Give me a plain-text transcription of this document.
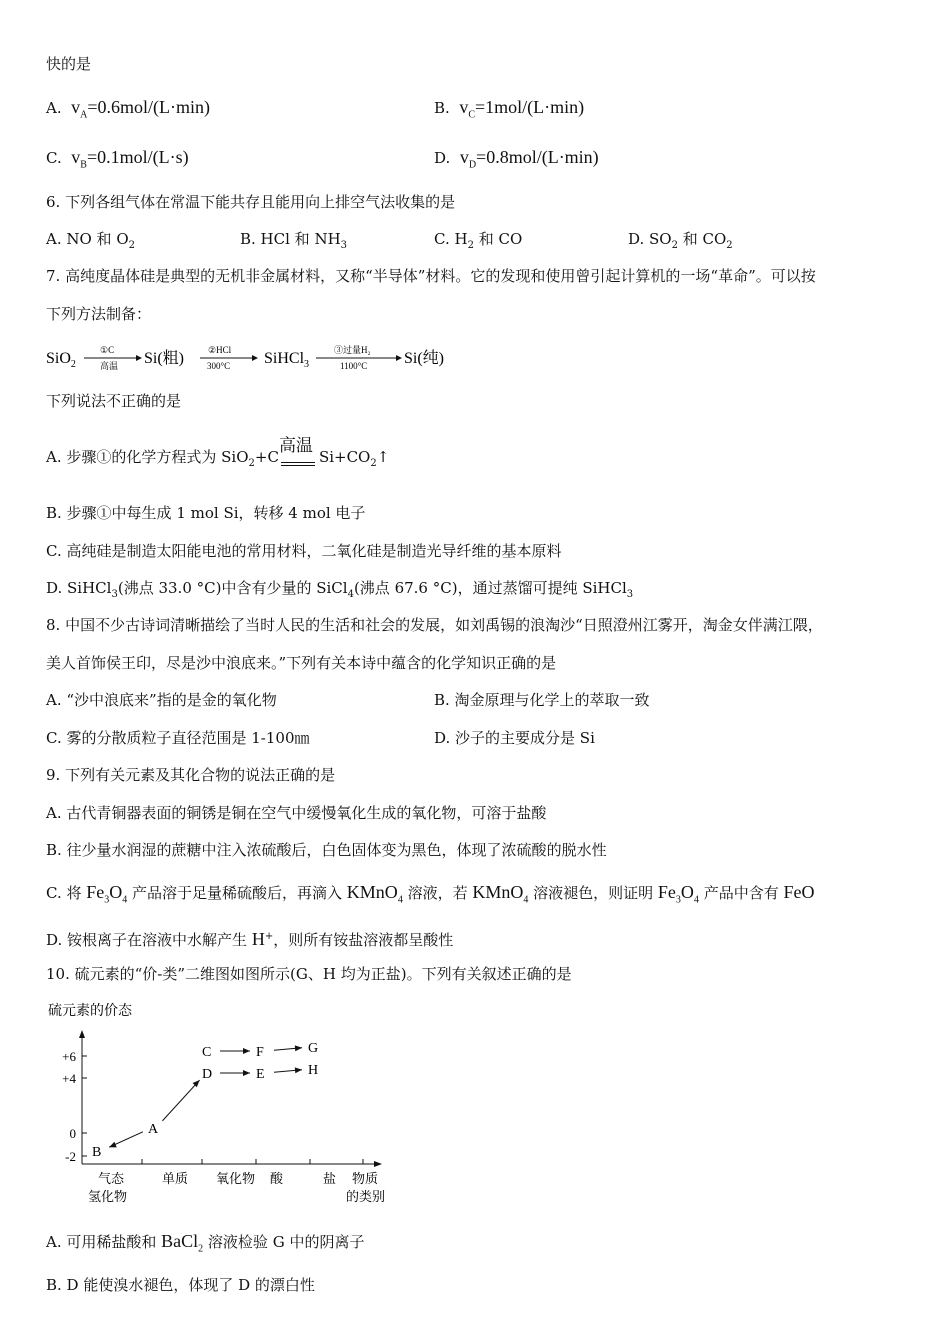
快的是
A. $v_A=0.6mol/(L\cdot\min)$	B. $v_C=1mol/(L\cdot\min)$
C. $v_B=0.1mol/(L\cdot s)$	D. $v_D=0.8mol/(L\cdot\min)$
6. 下列各组气体在常温下能共存且能用向上排空气法收集的是
A. NO 和 $O_2$	B. HCl 和 $NH_3$	C. $H_2$ 和 CO	D. $SO_2$ 和 $CO_2$
7. 高纯度晶体硅是典型的无机非金属材料，又称“半导体”材料。它的发现和使用曾引起计算机的一场“革命”。可以按
下列方法制备：
SiO$_2$
①C
高温 Si(粗)	②HCl
300°C SiHCl$_3$
③过量H₂
1100°C Si(纯)
下列说法不正确的是
A. 步骤①的化学方程式为 SiO$_2$+C
高温
$Si+CO_2↑$
B. 步骤①中每生成 1 mol Si，转移 4 mol 电子
C. 高纯硅是制造太阳能电池的常用材料，二氧化硅是制造光导纤维的基本原料
D. SiHCl$_3$(沸点 33.0 °C)中含有少量的 SiCl$_4$(沸点 67.6 °C)，通过蒸馏可提纯 SiHCl$_3$
8. 中国不少古诗词清晰描绘了当时人民的生活和社会的发展，如刘禹锡的浪淘沙“日照澄州江雾开，淘金女伴满江隈，
美人首饰侯王印，尽是沙中浪底来。”下列有关本诗中蕴含的化学知识正确的是
A. “沙中浪底来”指的是金的氧化物	B. 淘金原理与化学上的萃取一致
C. 雾的分散质粒子直径范围是 1-100㎚	D. 沙子的主要成分是 Si
9. 下列有关元素及其化合物的说法正确的是
A. 古代青铜器表面的铜锈是铜在空气中缓慢氧化生成的氧化物，可溶于盐酸
B. 往少量水润湿的蔗糖中注入浓硫酸后，白色固体变为黑色，体现了浓硫酸的脱水性
C. 将 $Fe_3O_4$ 产品溶于足量稀硫酸后，再滴入 KMnO$_4$ 溶液，若 KMnO$_4$ 溶液褪色，则证明 $Fe_3O_4$ 产品中含有 FeO
D. 铵根离子在溶液中水解产生 H+，则所有铵盐溶液都呈酸性
10. 硫元素的“价-类”二维图如图所示(G、H 均为正盐)。下列有关叙述正确的是
硫元素的价态
+6
+4
0
-2
气态
氢化物
单质 氧化物 酸	盐
B
A
C
D
F
E
G
H
物质
的类别
A. 可用稀盐酸和 BaCl$_2$ 溶液检验 G 中的阴离子
B. D 能使溴水褪色，体现了 D 的漂白性
